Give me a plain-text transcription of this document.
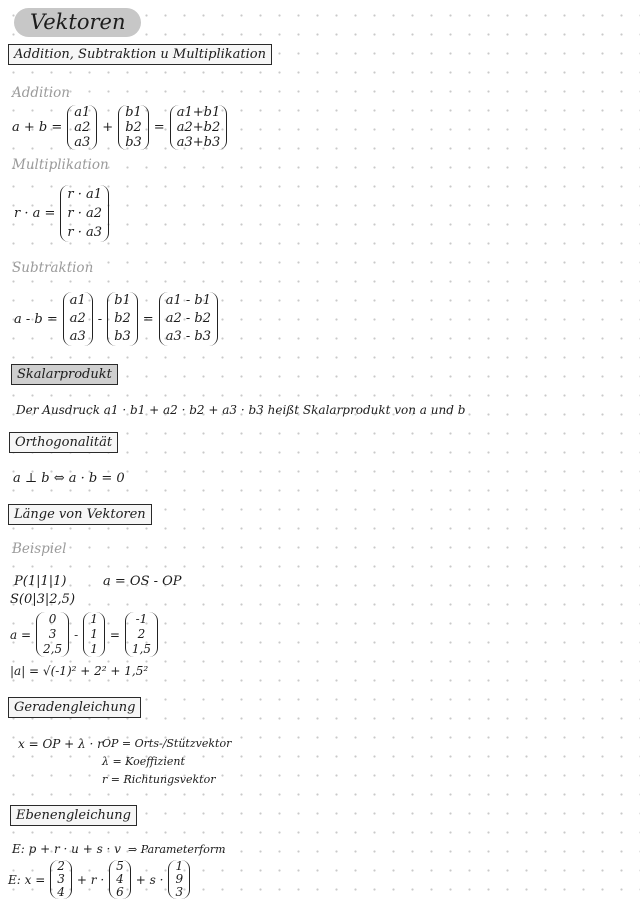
Vektoren
Addition, Subtraktion u Multiplikation
Addition
a + b =
a1
a2
a3
+
b1
b2
b3
=
a1+b1
a2+b2
a3+b3
Multiplikation
r · a =
r · a1
r · a2
r · a3
Subtraktion
a - b =
a1
a2
a3
-
b1
b2
b3
=
a1 - b1
a2 - b2
a3 - b3
Skalarprodukt
Der Ausdruck a1 · b1 + a2 · b2 + a3 · b3 heißt Skalarprodukt von a und b
Orthogonalität
a ⊥ b ⇔ a · b = 0
Länge von Vektoren
Beispiel
P(1|1|1)
S(0|3|2,5)
a = OS - OP
a =
0
3
2,5
-
1
1
1
=
-1
2
1,5
|a| = √(-1)² + 2² + 1,5²
Geradengleichung
x = OP + λ · r OP = Orts-/Stützvektor
λ = Koeffizient
r = Richtungsvektor
Ebenengleichung
E: p + r · u + s · v ⇒ Parameterform
E: x =
2
3
4
+ r ·
5
4
6
+ s ·
1
9
3
